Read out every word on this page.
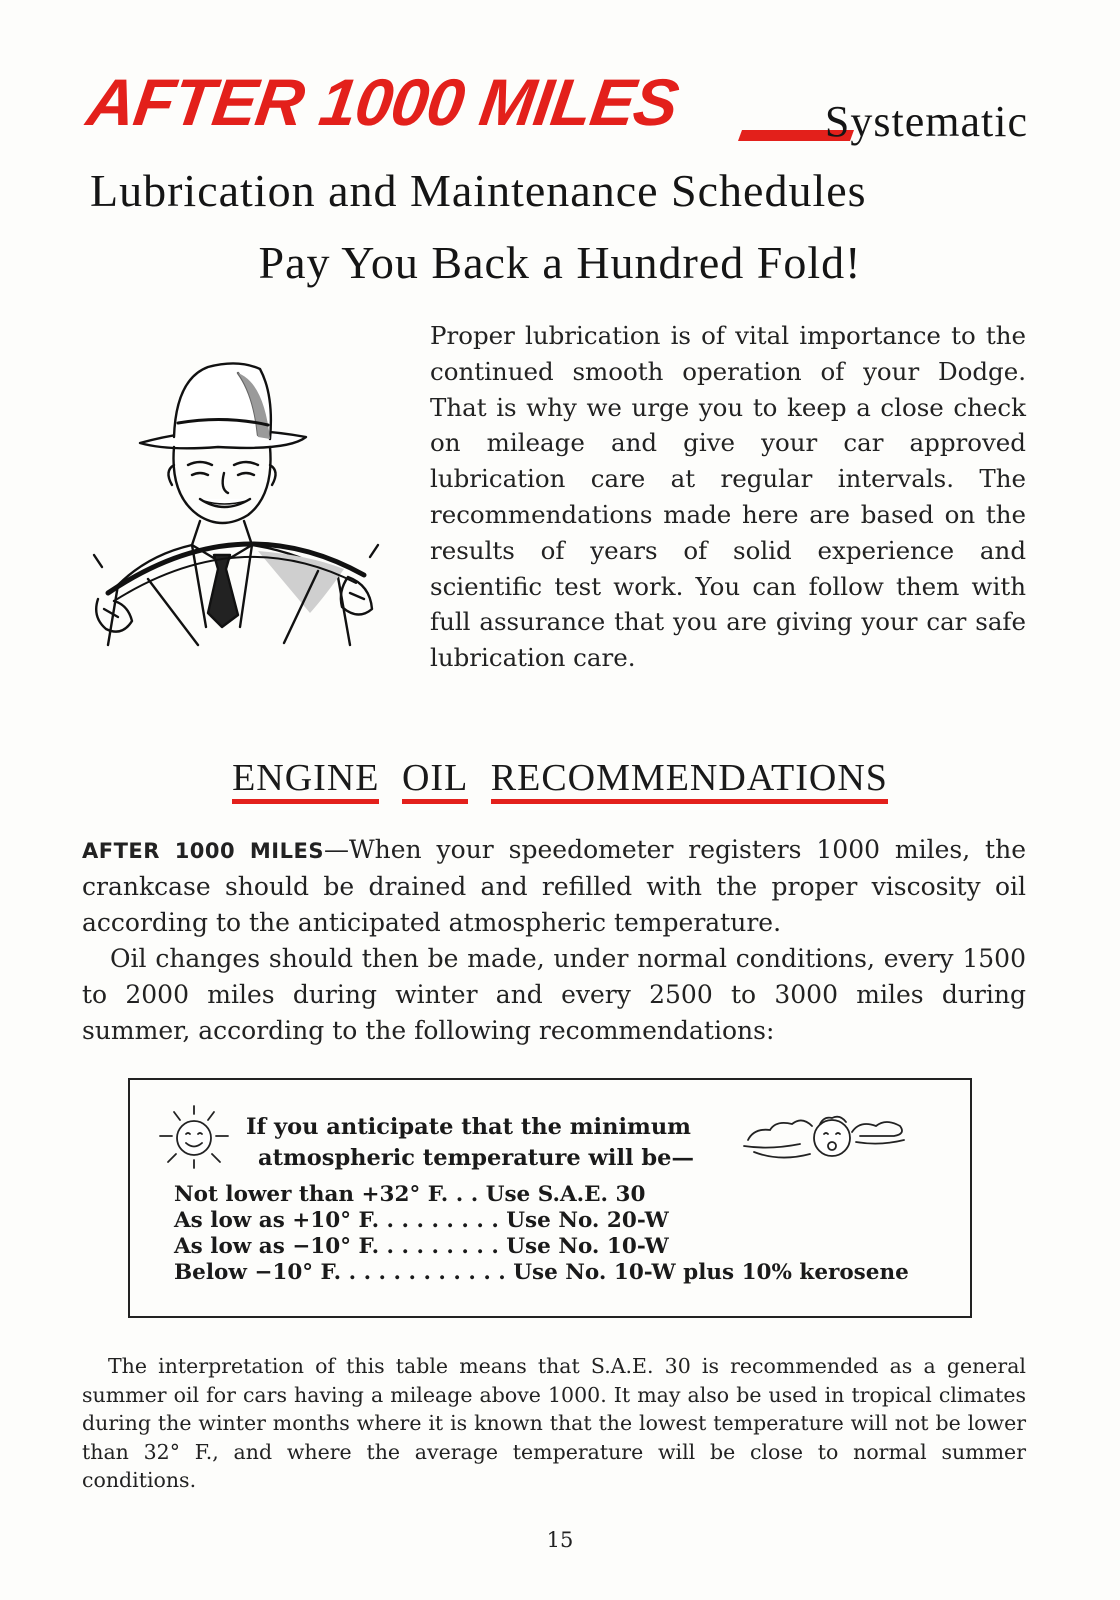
AFTER 1000 MILES	Systematic
Lubrication and Maintenance Schedules
Pay You Back a Hundred Fold!
Proper lubrication is of vital importance to the continued smooth operation of your Dodge. That is why we urge you to keep a close check on mileage and give your car approved lubrication care at regular intervals. The recommendations made here are based on the results of years of solid experience and scientific test work. You can follow them with full assurance that you are giving your car safe lubrication care.
ENGINE OIL RECOMMENDATIONS

AFTER 1000 MILES—When your speedometer registers 1000 miles, the crankcase should be drained and refilled with the proper viscosity oil according to the anticipated atmospheric temperature.

Oil changes should then be made, under normal conditions, every 1500 to 2000 miles during winter and every 2500 to 3000 miles during summer, according to the following recommendations:

If you anticipate that the minimum
atmospheric temperature will be—
Not lower than +32° F. . . Use S.A.E. 30
As low as +10° F. . . . . . . . . Use No. 20-W
As low as −10° F. . . . . . . . . Use No. 10-W
Below −10° F. . . . . . . . . . . . Use No. 10-W plus 10% kerosene
The interpretation of this table means that S.A.E. 30 is recommended as a general summer oil for cars having a mileage above 1000. It may also be used in tropical climates during the winter months where it is known that the lowest temperature will not be lower than 32° F., and where the average temperature will be close to normal summer conditions.
15
